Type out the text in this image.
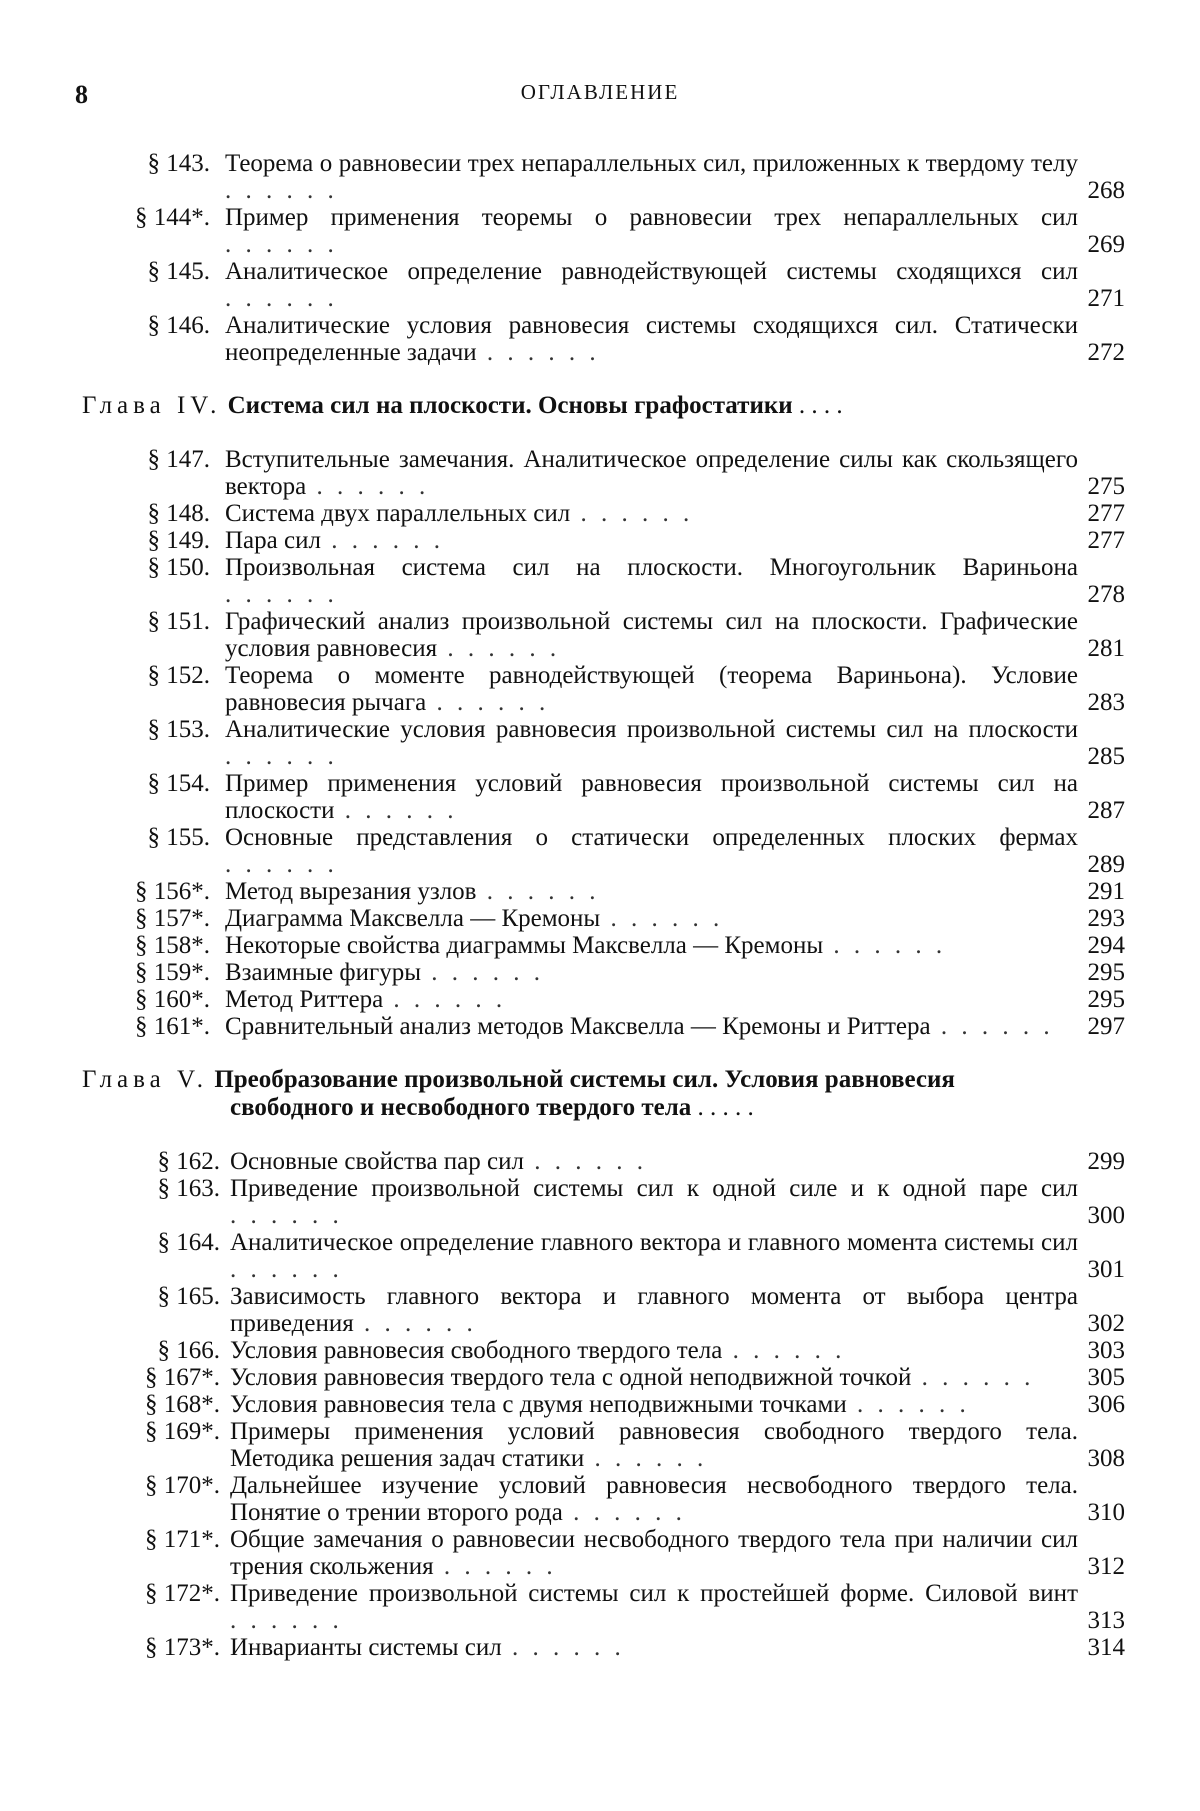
8	ОГЛАВЛЕНИЕ
§ 143. Теорема о равновесии трех непараллельных сил, приложенных к твердому телу . . . . . .	268
§ 144*. Пример применения теоремы о равновесии трех непараллельных сил . . . . . .	269
§ 145. Аналитическое определение равнодействующей системы сходящихся сил . . . . . .	271
§ 146. Аналитические условия равновесия системы сходящихся сил. Статически неопределенные задачи . . . . . .	272
Глава IV. Система сил на плоскости. Основы графостатики . . . .
§ 147. Вступительные замечания. Аналитическое определение силы как скользящего вектора . . . . . .	275
§ 148. Система двух параллельных сил . . . . . .	277
§ 149. Пара сил . . . . . .	277
§ 150. Произвольная система сил на плоскости. Многоугольник Вариньона . . . . . .	278
§ 151. Графический анализ произвольной системы сил на плоскости. Графические условия равновесия . . . . . .	281
§ 152. Теорема о моменте равнодействующей (теорема Вариньона). Условие равновесия рычага . . . . . .	283
§ 153. Аналитические условия равновесия произвольной системы сил на плоскости . . . . . .	285
§ 154. Пример применения условий равновесия произвольной системы сил на плоскости . . . . . .	287
§ 155. Основные представления о статически определенных плоских фермах . . . . . .	289
§ 156*. Метод вырезания узлов . . . . . .	291
§ 157*. Диаграмма Максвелла — Кремоны . . . . . .	293
§ 158*. Некоторые свойства диаграммы Максвелла — Кремоны . . . . . .	294
§ 159*. Взаимные фигуры . . . . . .	295
§ 160*. Метод Риттера . . . . . .	295
§ 161*. Сравнительный анализ методов Максвелла — Кремоны и Риттера . . . . . .	297
Глава V. Преобразование произвольной системы сил. Условия равновесия свободного и несвободного твердого тела . . . . .
§ 162. Основные свойства пар сил . . . . . .	299
§ 163. Приведение произвольной системы сил к одной силе и к одной паре сил . . . . . .	300
§ 164. Аналитическое определение главного вектора и главного момента системы сил . . . . . .	301
§ 165. Зависимость главного вектора и главного момента от выбора центра приведения . . . . . .	302
§ 166. Условия равновесия свободного твердого тела . . . . . .	303
§ 167*. Условия равновесия твердого тела с одной неподвижной точкой . . . . . .	305
§ 168*. Условия равновесия тела с двумя неподвижными точками . . . . . .	306
§ 169*. Примеры применения условий равновесия свободного твердого тела. Методика решения задач статики . . . . . .	308
§ 170*. Дальнейшее изучение условий равновесия несвободного твердого тела. Понятие о трении второго рода . . . . . .	310
§ 171*. Общие замечания о равновесии несвободного твердого тела при наличии сил трения скольжения . . . . . .	312
§ 172*. Приведение произвольной системы сил к простейшей форме. Силовой винт . . . . . .	313
§ 173*. Инварианты системы сил . . . . . .	314
